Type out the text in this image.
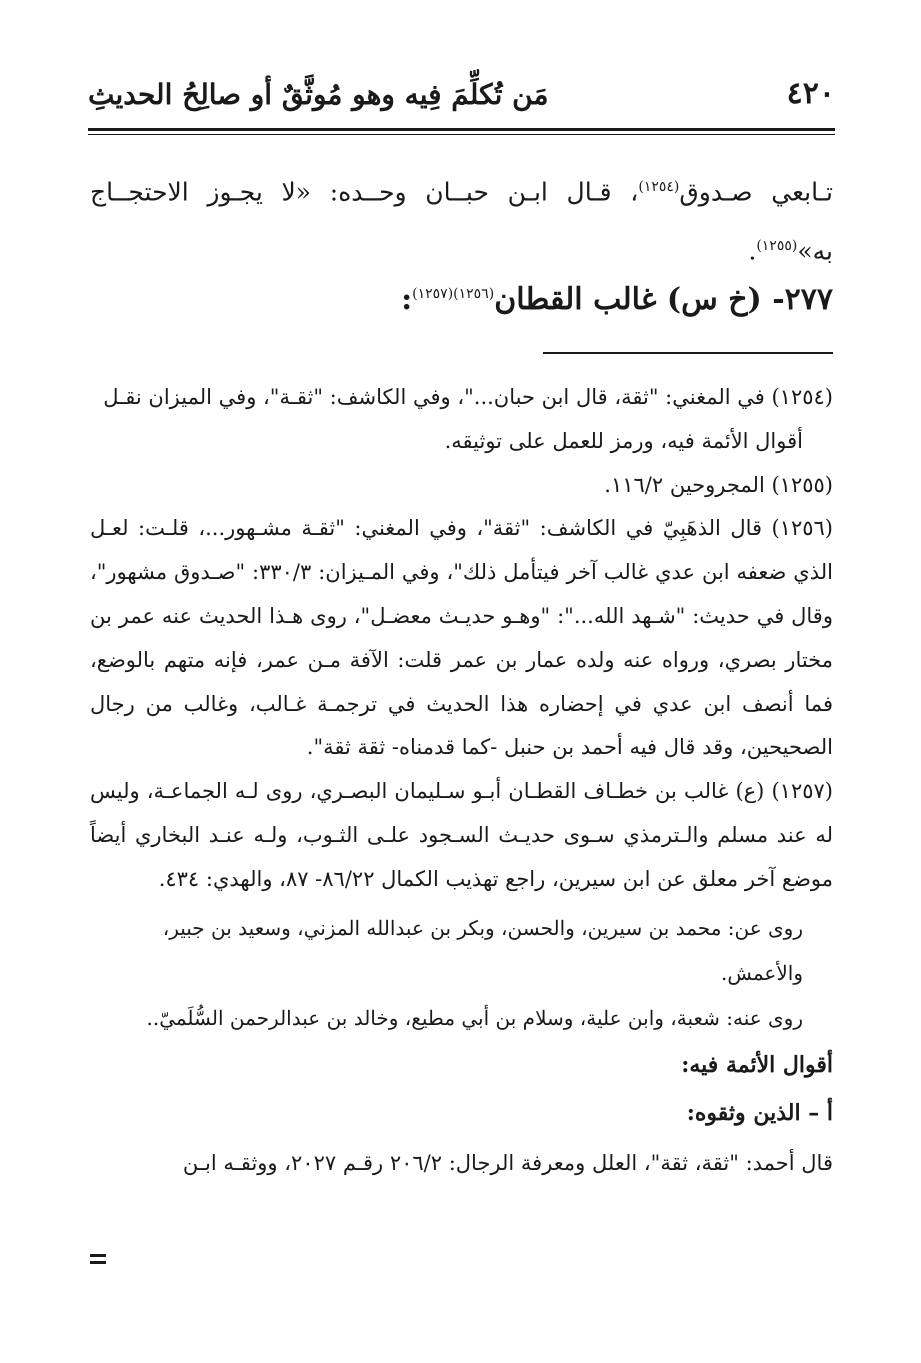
٤٢٠
مَن تُكلِّمَ فِيه وهو مُوثَّقٌ أو صالِحُ الحديثِ
تـابعي صـدوق$^{(١٢٥٤)}$، قـال ابـن حبــان وحــده: «لا يجـوز الاحتجــاج به»$^{(١٢٥٥)}$.
٢٧٧- (خ س) غالب القطان$^{(١٢٥٦)(١٢٥٧)}$:

(١٢٥٤) في المغني: "ثقة، قال ابن حبان..."، وفي الكاشف: "ثقـة"، وفي الميزان نقـل
أقوال الأئمة فيه، ورمز للعمل على توثيقه.

(١٢٥٥) المجروحين ١١٦/٢.

(١٢٥٦) قال الذهَبِيّ في الكاشف: "ثقة"، وفي المغني: "ثقـة مشـهور...، قلـت: لعـل الذي ضعفه ابن عدي غالب آخر فيتأمل ذلك"، وفي المـيزان: ٣٣٠/٣: "صـدوق مشهور"، وقال في حديث: "شـهد الله...": "وهـو حديـث معضـل"، روى هـذا الحديث عنه عمر بن مختار بصري، ورواه عنه ولده عمار بن عمر قلت: الآفة مـن عمر، فإنه متهم بالوضع، فما أنصف ابن عدي في إحضاره هذا الحديث في ترجمـة غـالب، وغالب من رجال الصحيحين، وقد قال فيه أحمد بن حنبل -كما قدمناه- ثقة ثقة".

(١٢٥٧) (ع) غالب بن خطـاف القطـان أبـو سـليمان البصـري، روى لـه الجماعـة، وليس له عند مسلم والـترمذي سـوى حديـث السـجود علـى الثـوب، ولـه عنـد البخاري أيضاً موضع آخر معلق عن ابن سيرين، راجع تهذيب الكمال ٨٦/٢٢- ٨٧، والهدي: ٤٣٤.

روى عن: محمد بن سيرين، والحسن، وبكر بن عبدالله المزني، وسعيد بن جبير، والأعمش.

روى عنه: شعبة، وابن علية، وسلام بن أبي مطيع، وخالد بن عبدالرحمن السُّلَميّ..

أقوال الأئمة فيه:

أ – الذين وثقوه:

قال أحمد: "ثقة، ثقة"، العلل ومعرفة الرجال: ٢٠٦/٢ رقـم ٢٠٢٧، ووثقـه ابـن
